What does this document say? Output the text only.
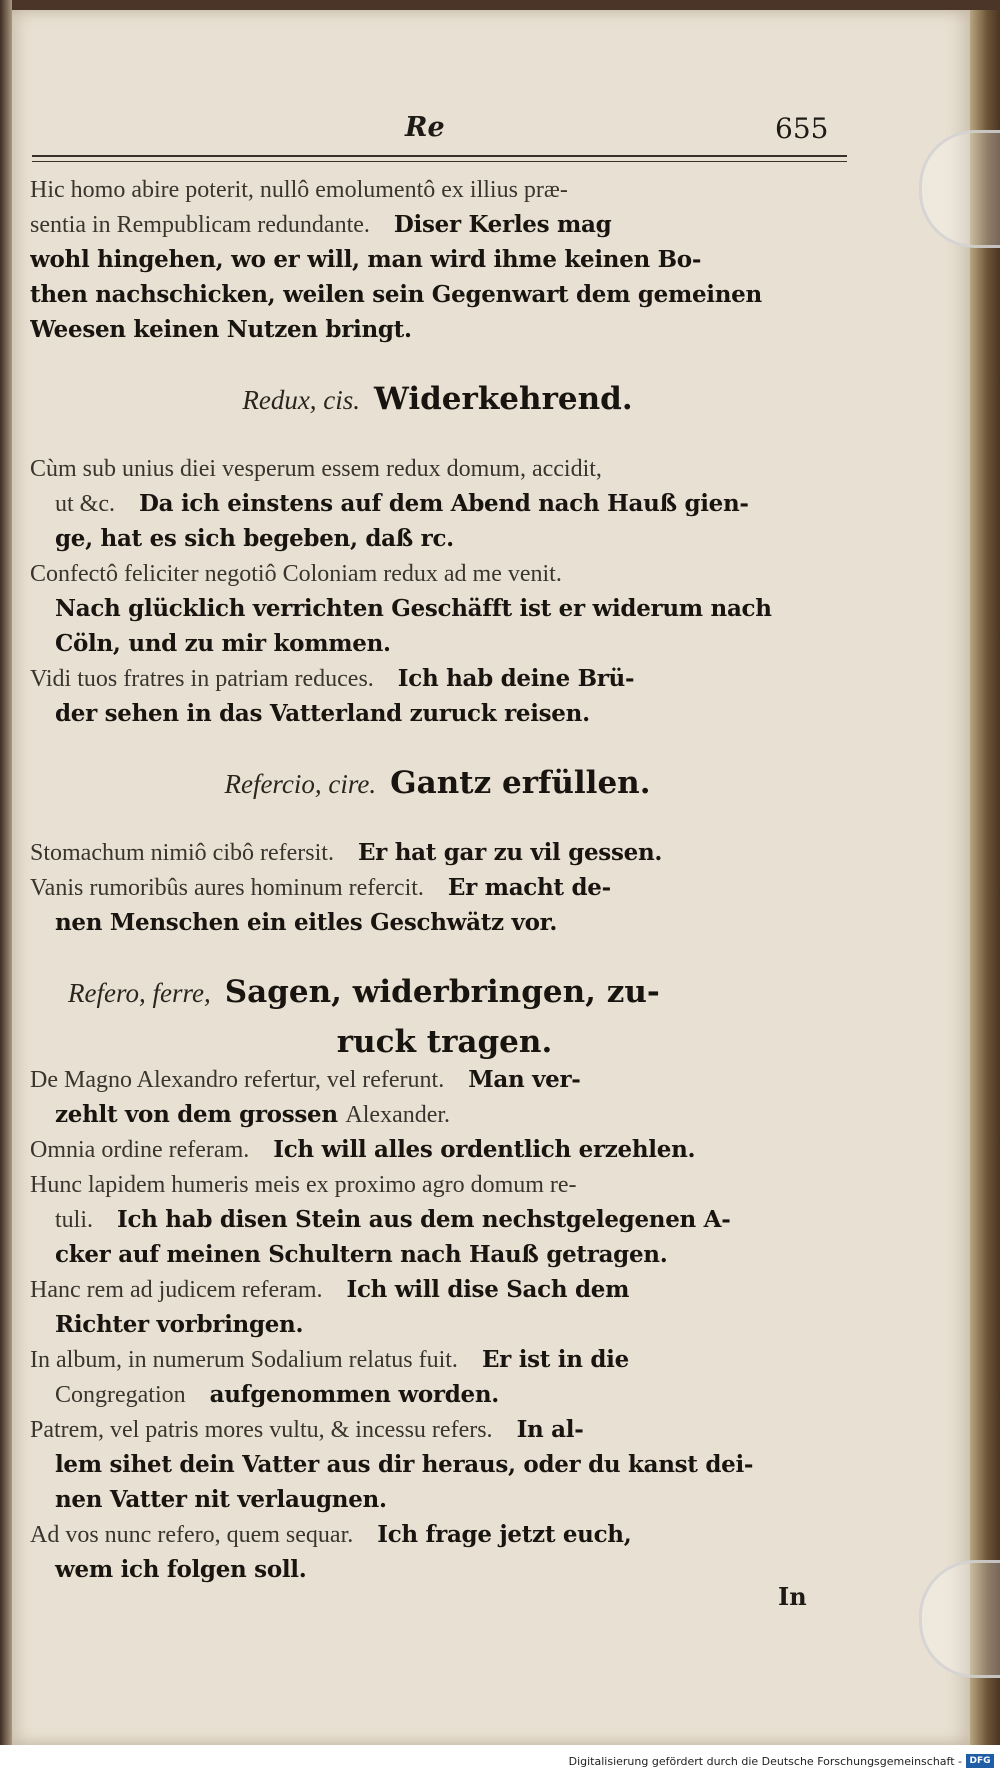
Re	655
Hic homo abire poterit, nullô emolumentô ex illius præ-
sentia in Rempublicam redundante.  Diser Kerles mag
wohl hingehen, wo er will, man wird ihme keinen Bo-
then nachschicken, weilen sein Gegenwart dem gemeinen
Weesen keinen Nutzen bringt.
Redux, cis. Widerkehrend.
Cùm sub unius diei vesperum essem redux domum, accidit,
ut &c.  Da ich einstens auf dem Abend nach Hauß gien-
ge, hat es sich begeben, daß rc.
Confectô feliciter negotiô Coloniam redux ad me venit.
Nach glücklich verrichten Geschäfft ist er widerum nach
Cöln, und zu mir kommen.
Vidi tuos fratres in patriam reduces.  Ich hab deine Brü-
der sehen in das Vatterland zuruck reisen.
Refercio, cire. Gantz erfüllen.
Stomachum nimiô cibô refersit.  Er hat gar zu vil gessen.
Vanis rumoribûs aures hominum refercit.  Er macht de-
nen Menschen ein eitles Geschwätz vor.
Refero, ferre, Sagen, widerbringen, zu-
ruck tragen.
De Magno Alexandro refertur, vel referunt.  Man ver-
zehlt von dem grossen Alexander.
Omnia ordine referam.  Ich will alles ordentlich erzehlen.
Hunc lapidem humeris meis ex proximo agro domum re-
tuli.  Ich hab disen Stein aus dem nechstgelegenen A-
cker auf meinen Schultern nach Hauß getragen.
Hanc rem ad judicem referam.  Ich will dise Sach dem
Richter vorbringen.
In album, in numerum Sodalium relatus fuit.  Er ist in die
Congregation  aufgenommen worden.
Patrem, vel patris mores vultu, & incessu refers.  In al-
lem sihet dein Vatter aus dir heraus, oder du kanst dei-
nen Vatter nit verlaugnen.
Ad vos nunc refero, quem sequar.  Ich frage jetzt euch,
wem ich folgen soll.
In
Digitalisierung gefördert durch die Deutsche Forschungsgemeinschaft - DFG
